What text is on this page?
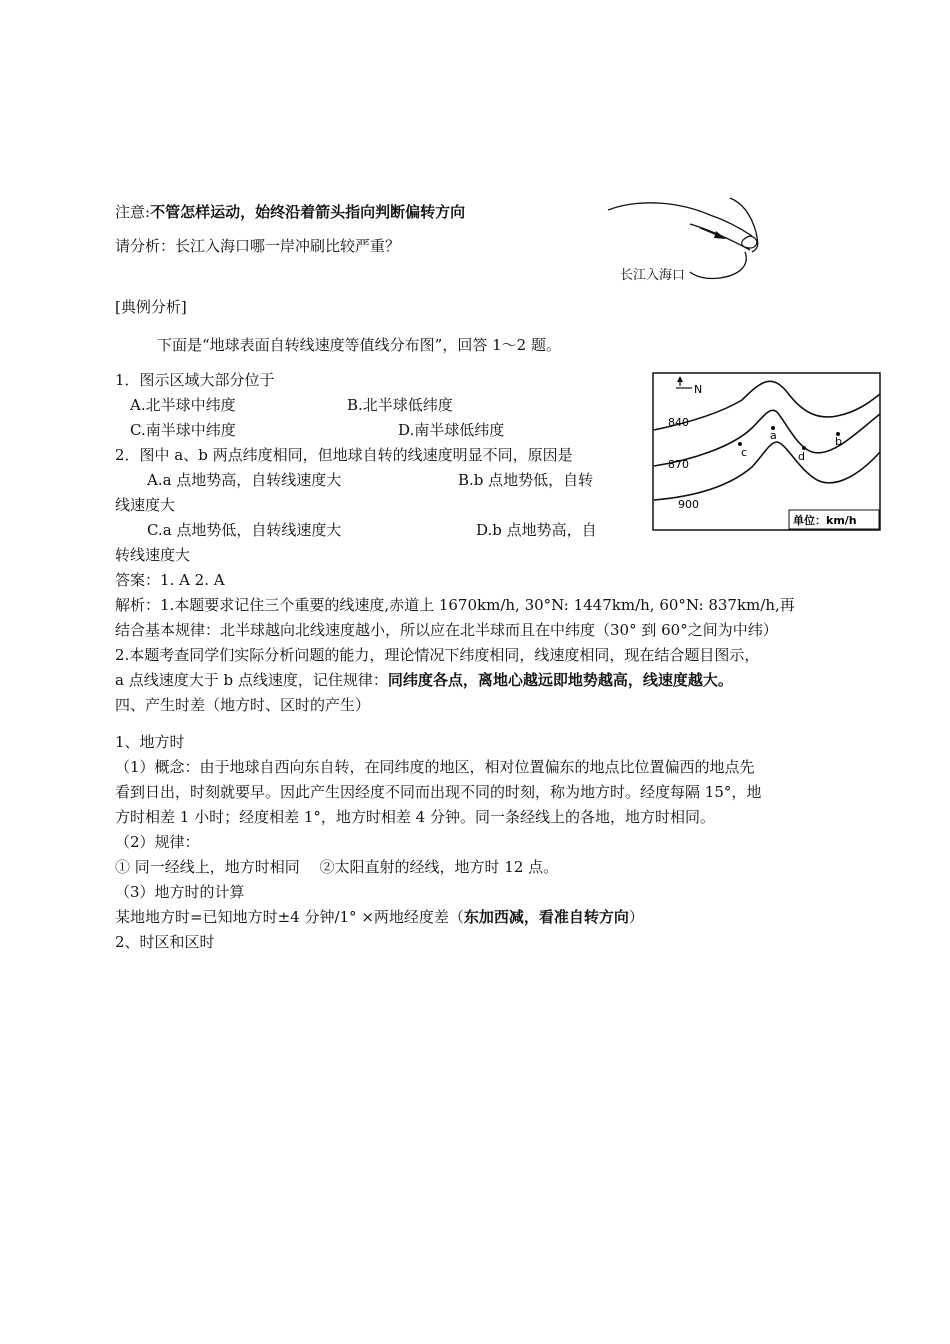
注意:不管怎样运动，始终沿着箭头指向判断偏转方向
请分析：长江入海口哪一岸冲刷比较严重？
长江入海口
[典例分析]
下面是“地球表面自转线速度等值线分布图”，回答 1～2 题。
1．图示区域大部分位于
A.北半球中纬度	B.北半球低纬度
C.南半球中纬度	D.南半球低纬度
2．图中 a、b 两点纬度相同，但地球自转的线速度明显不同，原因是
A.a 点地势高，自转线速度大	B.b 点地势低，自转
线速度大
C.a 点地势低，自转线速度大	D.b 点地势高，自
转线速度大
N
840
870
900
a	b
c	d
单位：km/h
答案：1. A 2. A
解析：1.本题要求记住三个重要的线速度,赤道上 1670km/h, 30°N: 1447km/h, 60°N: 837km/h,再
结合基本规律：北半球越向北线速度越小，所以应在北半球而且在中纬度（30° 到 60°之间为中纬）
2.本题考查同学们实际分析问题的能力，理论情况下纬度相同，线速度相同，现在结合题目图示，
a 点线速度大于 b 点线速度，记住规律：同纬度各点，离地心越远即地势越高，线速度越大。
四、产生时差（地方时、区时的产生）
1、地方时
（1）概念：由于地球自西向东自转，在同纬度的地区，相对位置偏东的地点比位置偏西的地点先
看到日出，时刻就要早。因此产生因经度不同而出现不同的时刻，称为地方时。经度每隔 15°，地
方时相差 1 小时；经度相差 1°，地方时相差 4 分钟。同一条经线上的各地，地方时相同。
（2）规律：
① 同一经线上，地方时相同　 ②太阳直射的经线，地方时 12 点。
（3）地方时的计算
某地地方时=已知地方时±4 分钟/1° ×两地经度差（东加西减，看准自转方向）
2、时区和区时
